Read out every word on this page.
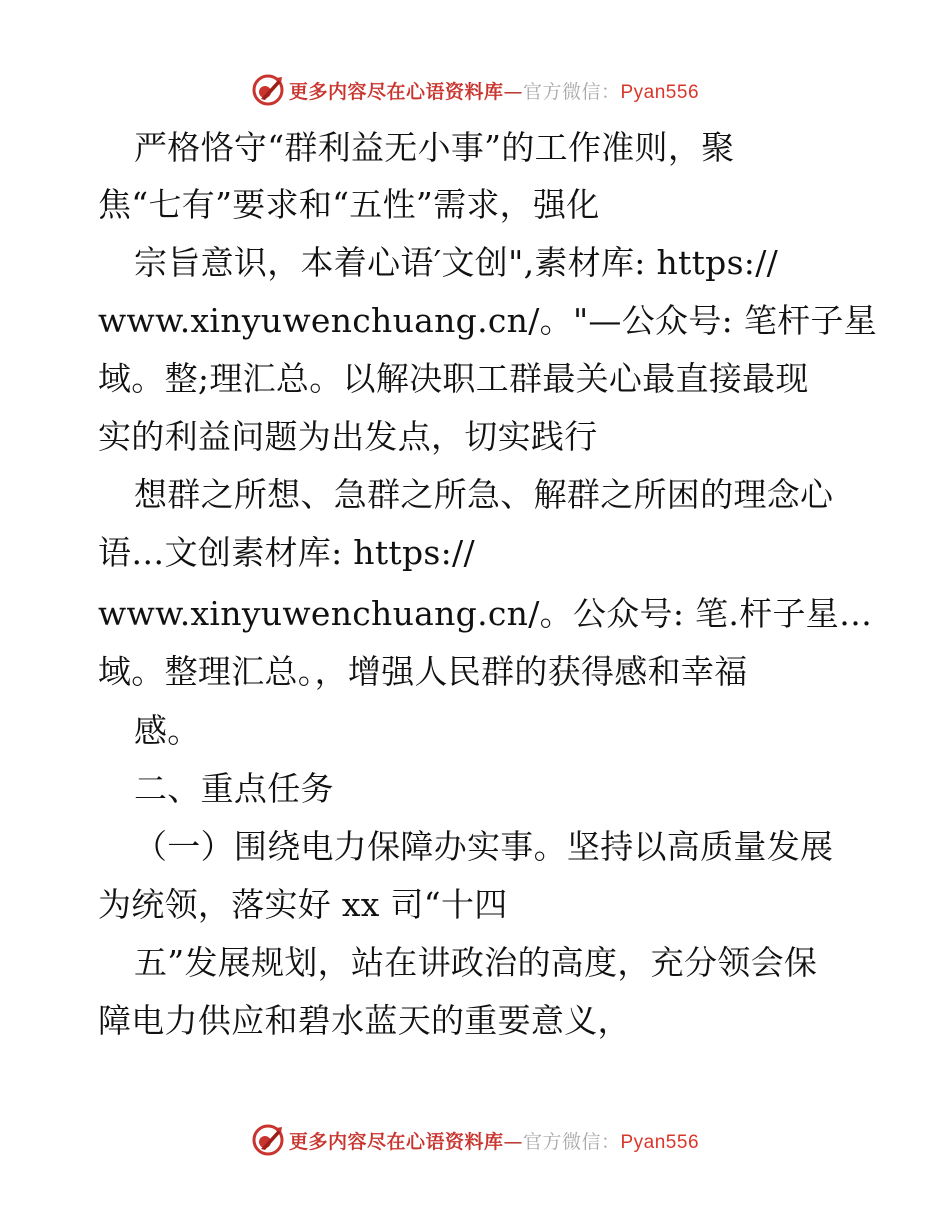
更多内容尽在心语资料库—官方微信：Pyan556
严格恪守“群利益无小事”的工作准则，聚
焦“七有”要求和“五性”需求，强化
宗旨意识，本着心语′文创",素材库: https://
www.xinyuwenchuang.cn/。"—公众号: 笔杆子星
域。整;理汇总。以解决职工群最关心最直接最现
实的利益问题为出发点，切实践行
想群之所想、急群之所急、解群之所困的理念心
语…文创素材库: https://
www.xinyuwenchuang.cn/。公众号: 笔.杆子星…
域。整理汇总。，增强人民群的获得感和幸福
感。
二、重点任务
（一）围绕电力保障办实事。坚持以高质量发展
为统领，落实好 xx 司“十四
五”发展规划，站在讲政治的高度，充分领会保
障电力供应和碧水蓝天的重要意义，
更多内容尽在心语资料库—官方微信：Pyan556
